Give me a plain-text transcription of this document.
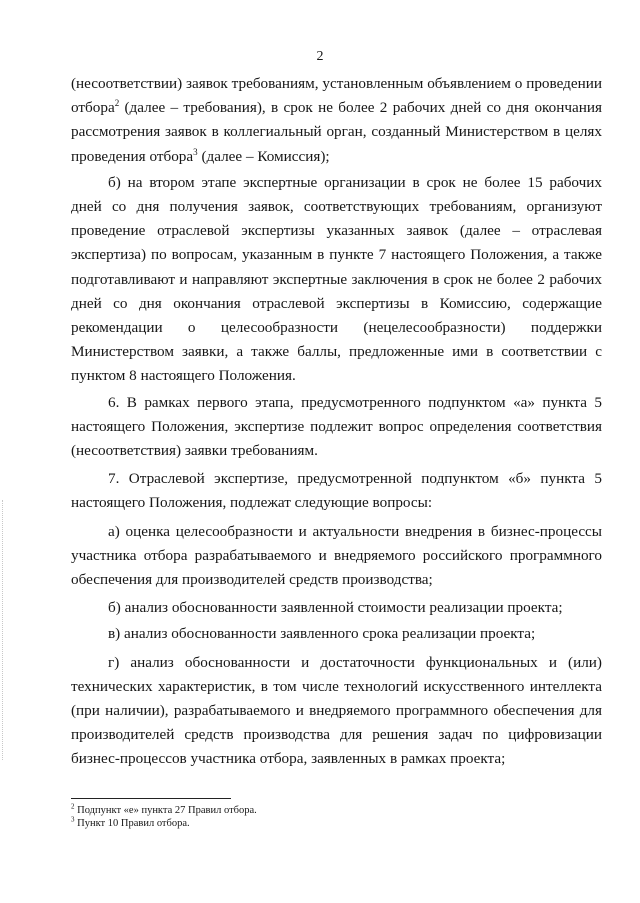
2

(несоответствии) заявок требованиям, установленным объявлением о проведении отбора$^2$ (далее – требования), в срок не более 2 рабочих дней со дня окончания рассмотрения заявок в коллегиальный орган, созданный Министерством в целях проведения отбора$^3$ (далее – Комиссия);

б) на втором этапе экспертные организации в срок не более 15 рабочих дней со дня получения заявок, соответствующих требованиям, организуют проведение отраслевой экспертизы указанных заявок (далее – отраслевая экспертиза) по вопросам, указанным в пункте 7 настоящего Положения, а также подготавливают и направляют экспертные заключения в срок не более 2 рабочих дней со дня окончания отраслевой экспертизы в Комиссию, содержащие рекомендации о целесообразности (нецелесообразности) поддержки Министерством заявки, а также баллы, предложенные ими в соответствии с пунктом 8 настоящего Положения.

6. В рамках первого этапа, предусмотренного подпунктом «а» пункта 5 настоящего Положения, экспертизе подлежит вопрос определения соответствия (несоответствия) заявки требованиям.

7. Отраслевой экспертизе, предусмотренной подпунктом «б» пункта 5 настоящего Положения, подлежат следующие вопросы:

а) оценка целесообразности и актуальности внедрения в бизнес-процессы участника отбора разрабатываемого и внедряемого российского программного обеспечения для производителей средств производства;

б) анализ обоснованности заявленной стоимости реализации проекта;

в) анализ обоснованности заявленного срока реализации проекта;

г) анализ обоснованности и достаточности функциональных и (или) технических характеристик, в том числе технологий искусственного интеллекта (при наличии), разрабатываемого и внедряемого программного обеспечения для производителей средств производства для решения задач по цифровизации бизнес-процессов участника отбора, заявленных в рамках проекта;

$^2$ Подпункт «е» пункта 27 Правил отбора.

$^3$ Пункт 10 Правил отбора.
